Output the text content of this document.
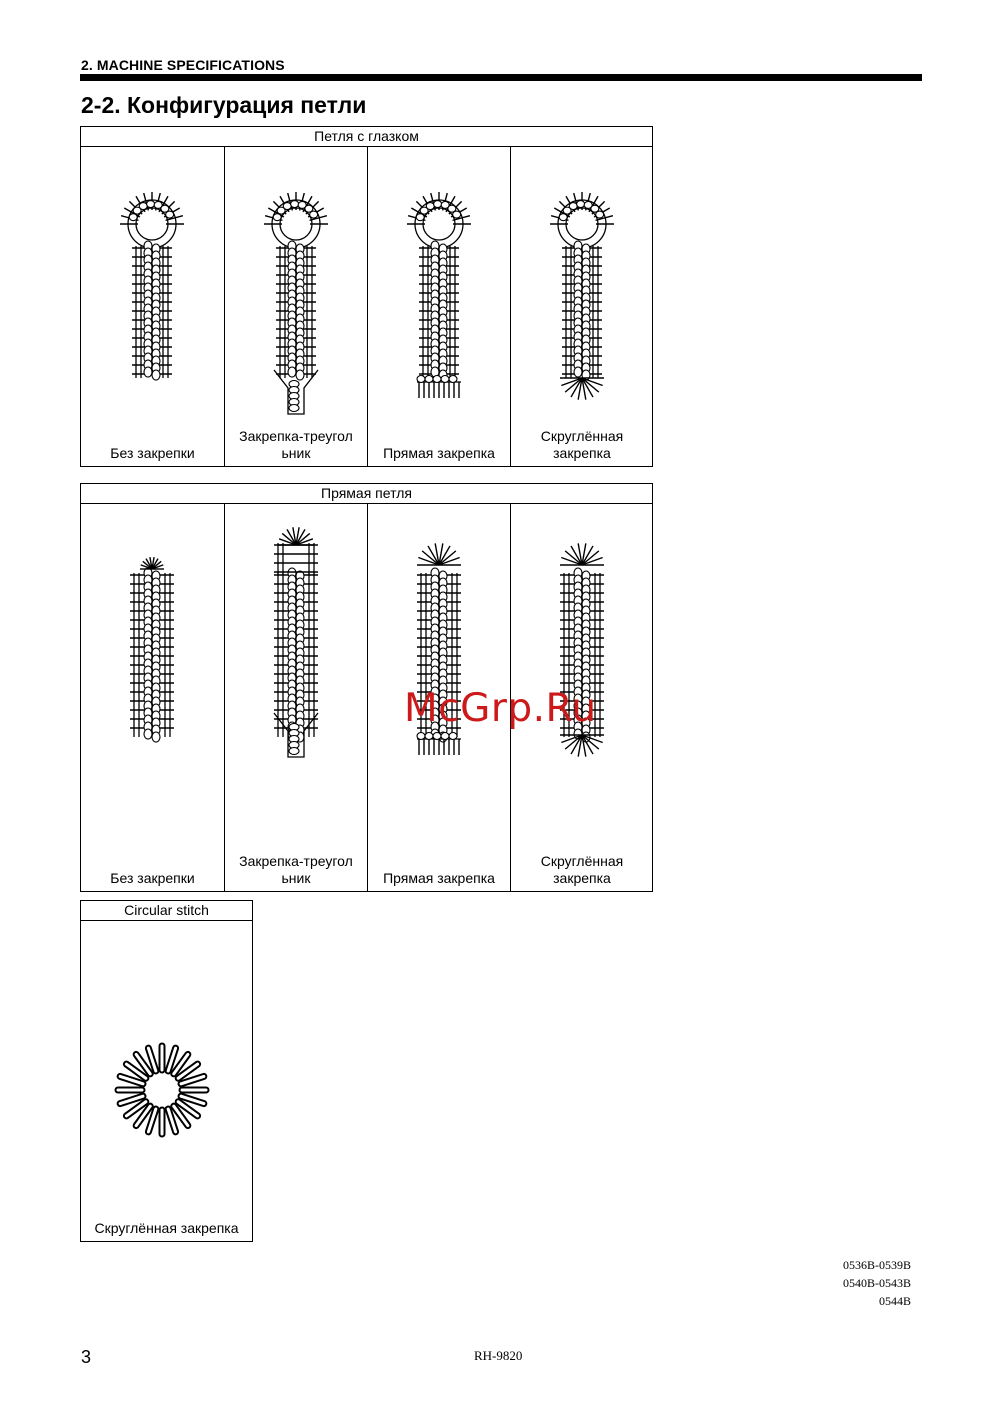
2. MACHINE SPECIFICATIONS
2-2. Конфигурация петли
Петля с глазком
Без закрепки
Закрепка-треугол ьник	Прямая закрепка
Скруглённая закрепка
Прямая петля
Без закрепки
Закрепка-треугол ьник	Прямая закрепка
Скруглённая закрепка
Circular stitch
Скруглённая закрепка
McGrp.Ru
0536B-0539B
0540B-0543B
0544B
3	RH-9820
